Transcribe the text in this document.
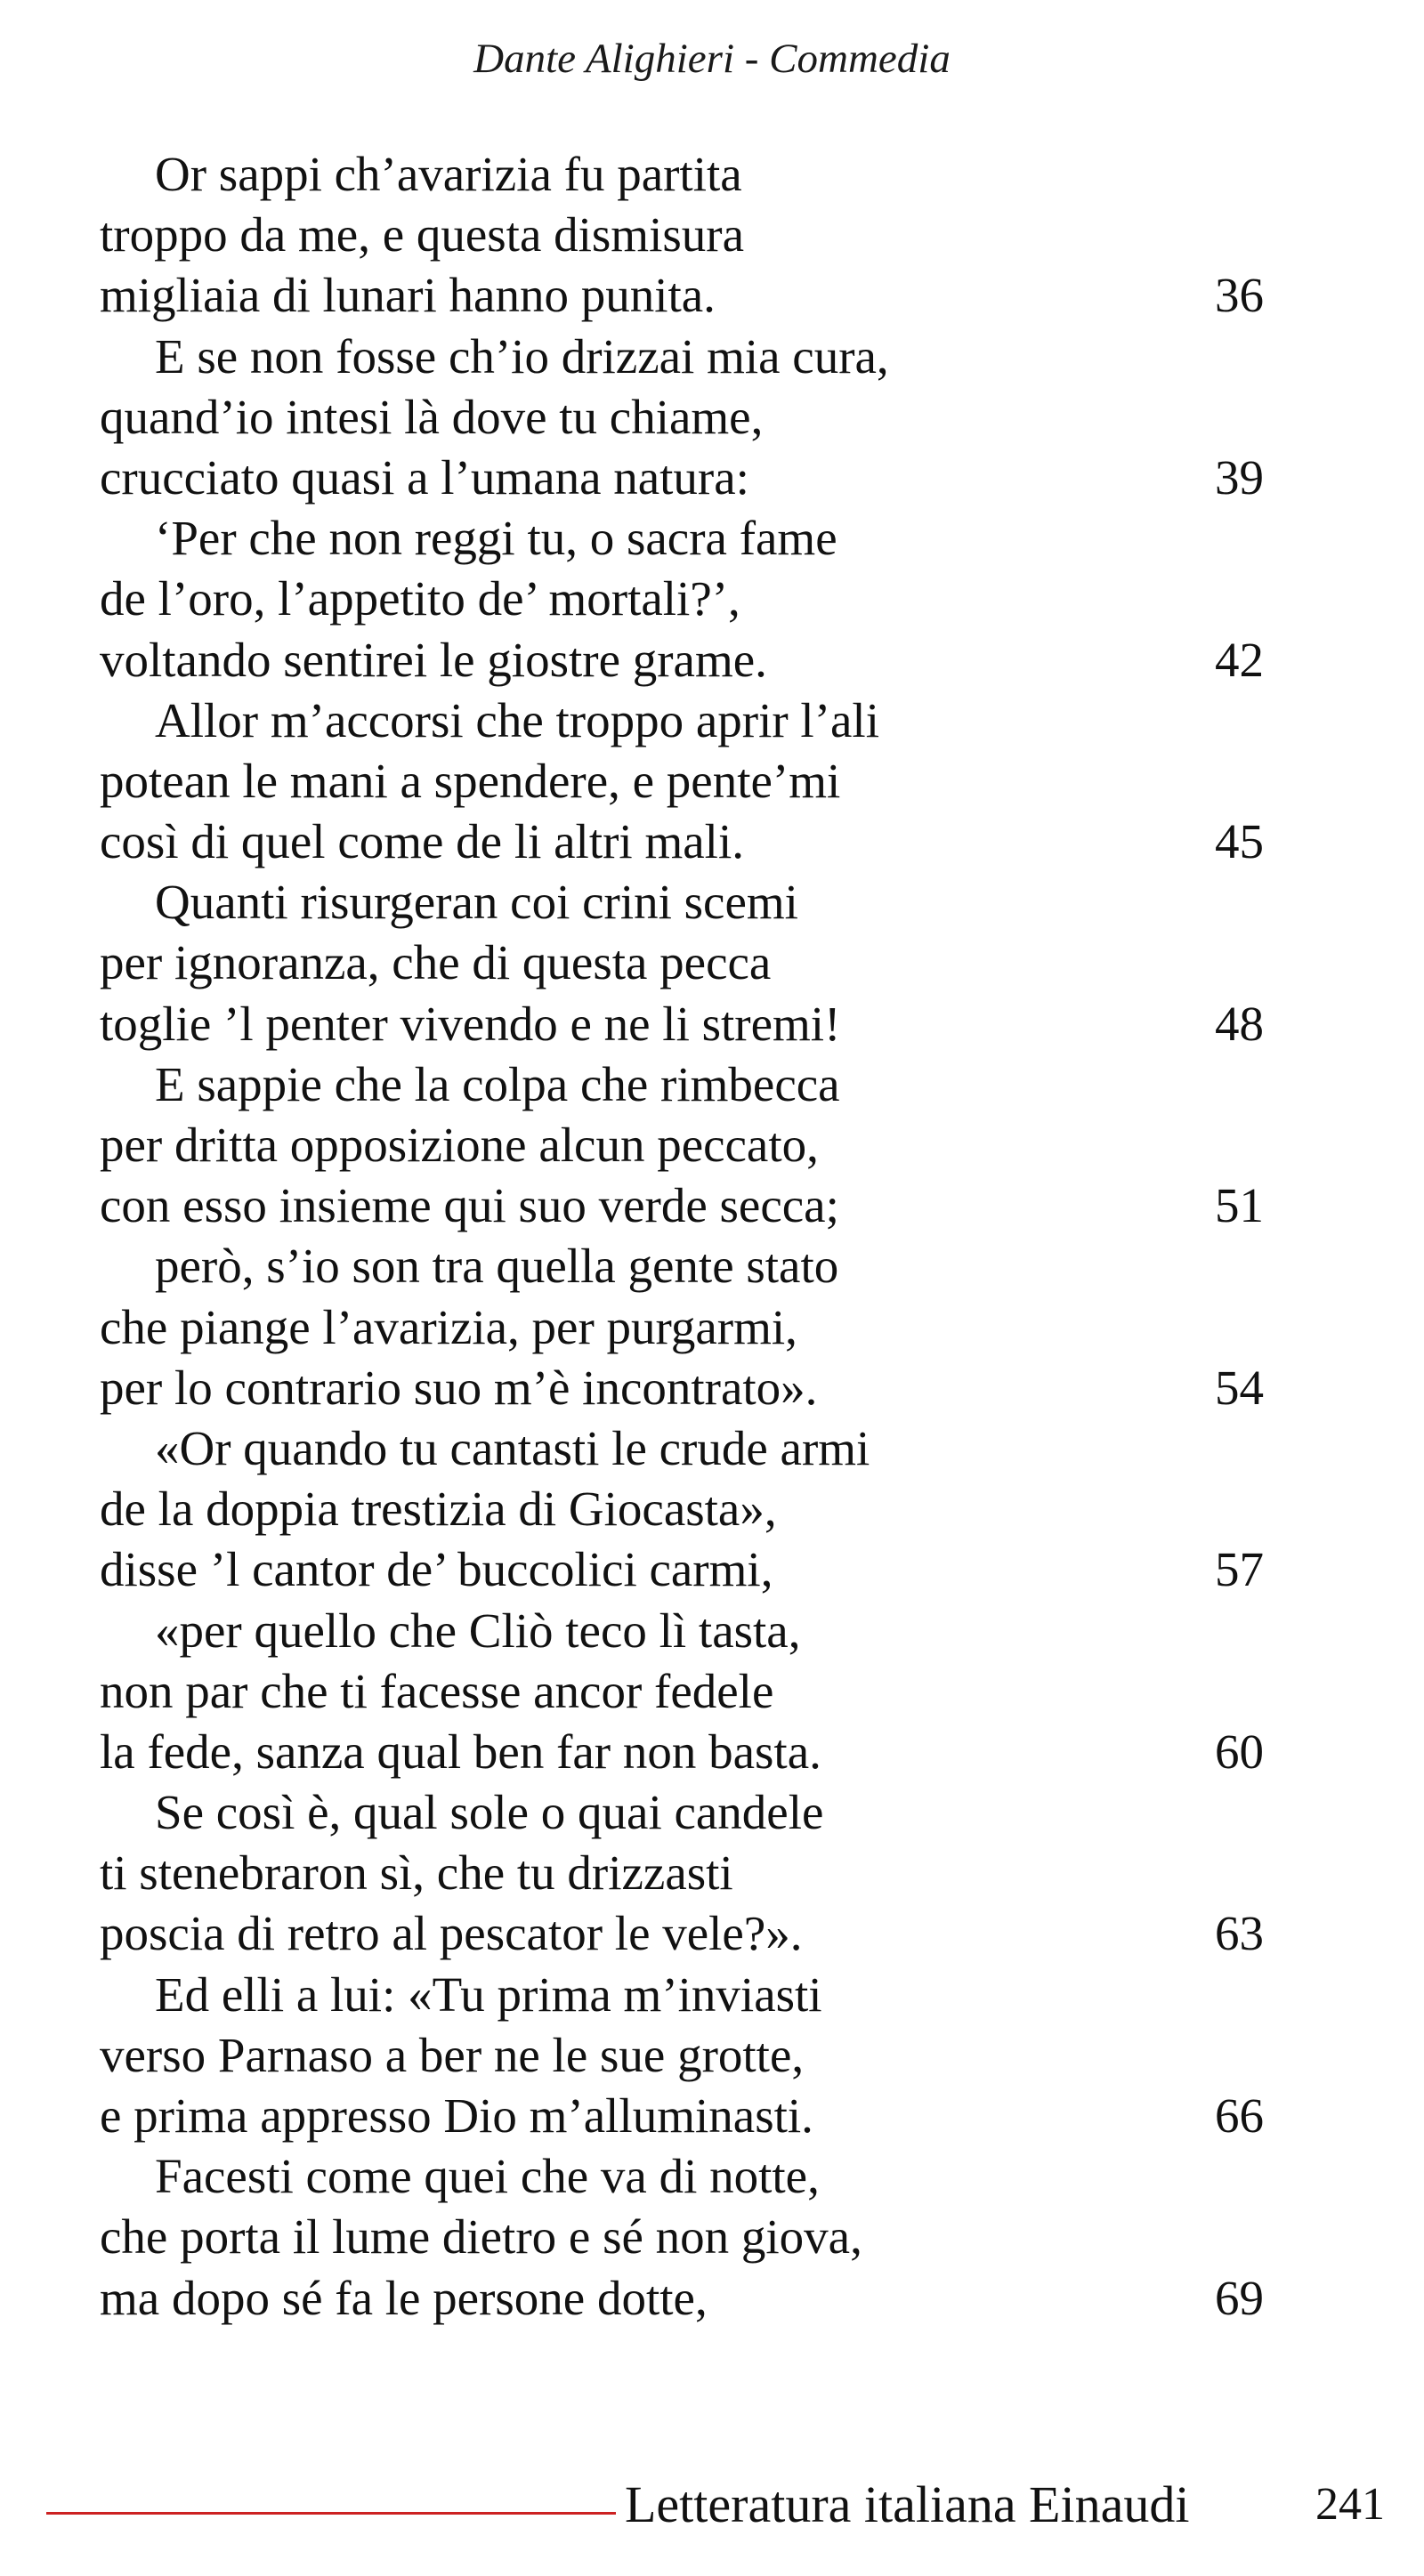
Dante Alighieri - Commedia
Or sappi ch’avarizia fu partita
troppo da me, e questa dismisura
migliaia di lunari hanno punita.	36
E se non fosse ch’io drizzai mia cura,
quand’io intesi là dove tu chiame,
crucciato quasi a l’umana natura:	39
‘Per che non reggi tu, o sacra fame
de l’oro, l’appetito de’ mortali?’,
voltando sentirei le giostre grame.	42
Allor m’accorsi che troppo aprir l’ali
potean le mani a spendere, e pente’mi
così di quel come de li altri mali.	45
Quanti risurgeran coi crini scemi
per ignoranza, che di questa pecca
toglie ’l penter vivendo e ne li stremi!	48
E sappie che la colpa che rimbecca
per dritta opposizione alcun peccato,
con esso insieme qui suo verde secca;	51
però, s’io son tra quella gente stato
che piange l’avarizia, per purgarmi,
per lo contrario suo m’è incontrato».	54
«Or quando tu cantasti le crude armi
de la doppia trestizia di Giocasta»,
disse ’l cantor de’ buccolici carmi,	57
«per quello che Cliò teco lì tasta,
non par che ti facesse ancor fedele
la fede, sanza qual ben far non basta.	60
Se così è, qual sole o quai candele
ti stenebraron sì, che tu drizzasti
poscia di retro al pescator le vele?».	63
Ed elli a lui: «Tu prima m’inviasti
verso Parnaso a ber ne le sue grotte,
e prima appresso Dio m’alluminasti.	66
Facesti come quei che va di notte,
che porta il lume dietro e sé non giova,
ma dopo sé fa le persone dotte,	69
Letteratura italiana Einaudi	241
